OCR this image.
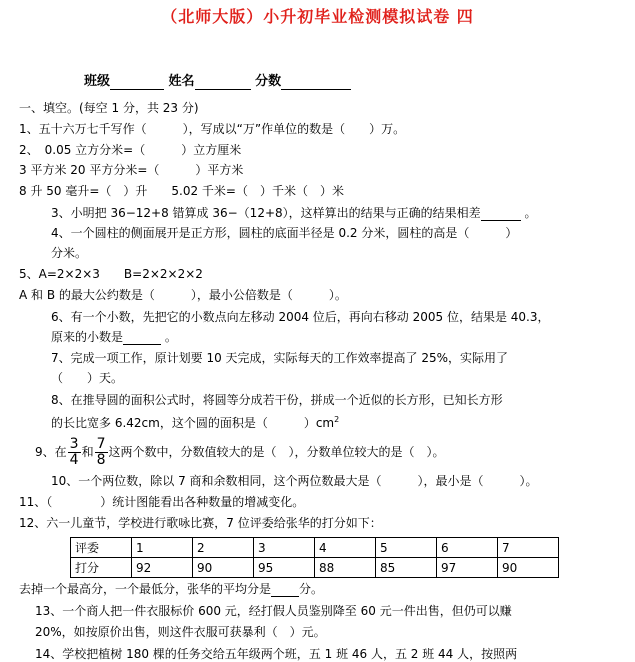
（北师大版）小升初毕业检测模拟试卷 四
班级	姓名	分数
一、填空。(每空 1 分，共 23 分)
1、五十六万七千写作（　　　），写成以“万”作单位的数是（　　）万。
2、　0.05 立方分米=（　　　）立方厘米
3 平方米 20 平方分米=（　　　）平方米
8 升 50 毫升=（　）升　　5.02 千米=（　）千米（　）米
3、小明把 36−12+8 错算成 36−（12+8），这样算出的结果与正确的结果相差	。
4、一个圆柱的侧面展开是正方形，圆柱的底面半径是 0.2 分米，圆柱的高是（　　　）
分米。
5、A=2×2×3　　B=2×2×2×2
A 和 B 的最大公约数是（　　　），最小公倍数是（　　　）。
6、有一个小数，先把它的小数点向左移动 2004 位后，再向右移动 2005 位，结果是 40.3，
原来的小数是	。
7、完成一项工作，原计划要 10 天完成，实际每天的工作效率提高了 25%，实际用了
（　　）天。
8、在推导圆的面积公式时，将圆等分成若干份，拼成一个近似的长方形，已知长方形
的长比宽多 6.42cm，这个圆的面积是（　　　）$cm^2$
9、在 $\frac{3}{4}$ 和 $\frac{7}{8}$ 这两个数中，分数值较大的是（　），分数单位较大的是（　）。
10、一个两位数，除以 7 商和余数相同，这个两位数最大是（　　　），最小是（　　　）。
11、（　　　　）统计图能看出各种数量的增减变化。
12、六一儿童节，学校进行歌咏比赛，7 位评委给张华的打分如下：
评委	1	2	3	4	5	6	7
打分	92	90	95	88	85	97	90
去掉一个最高分，一个最低分，张华的平均分是 分。
13、一个商人把一件衣服标价 600 元，经打假人员鉴别降至 60 元一件出售，但仍可以赚
20%，如按原价出售，则这件衣服可获暴利（　）元。
14、学校把植树 180 棵的任务交给五年级两个班，五 1 班 46 人，五 2 班 44 人，按照两
